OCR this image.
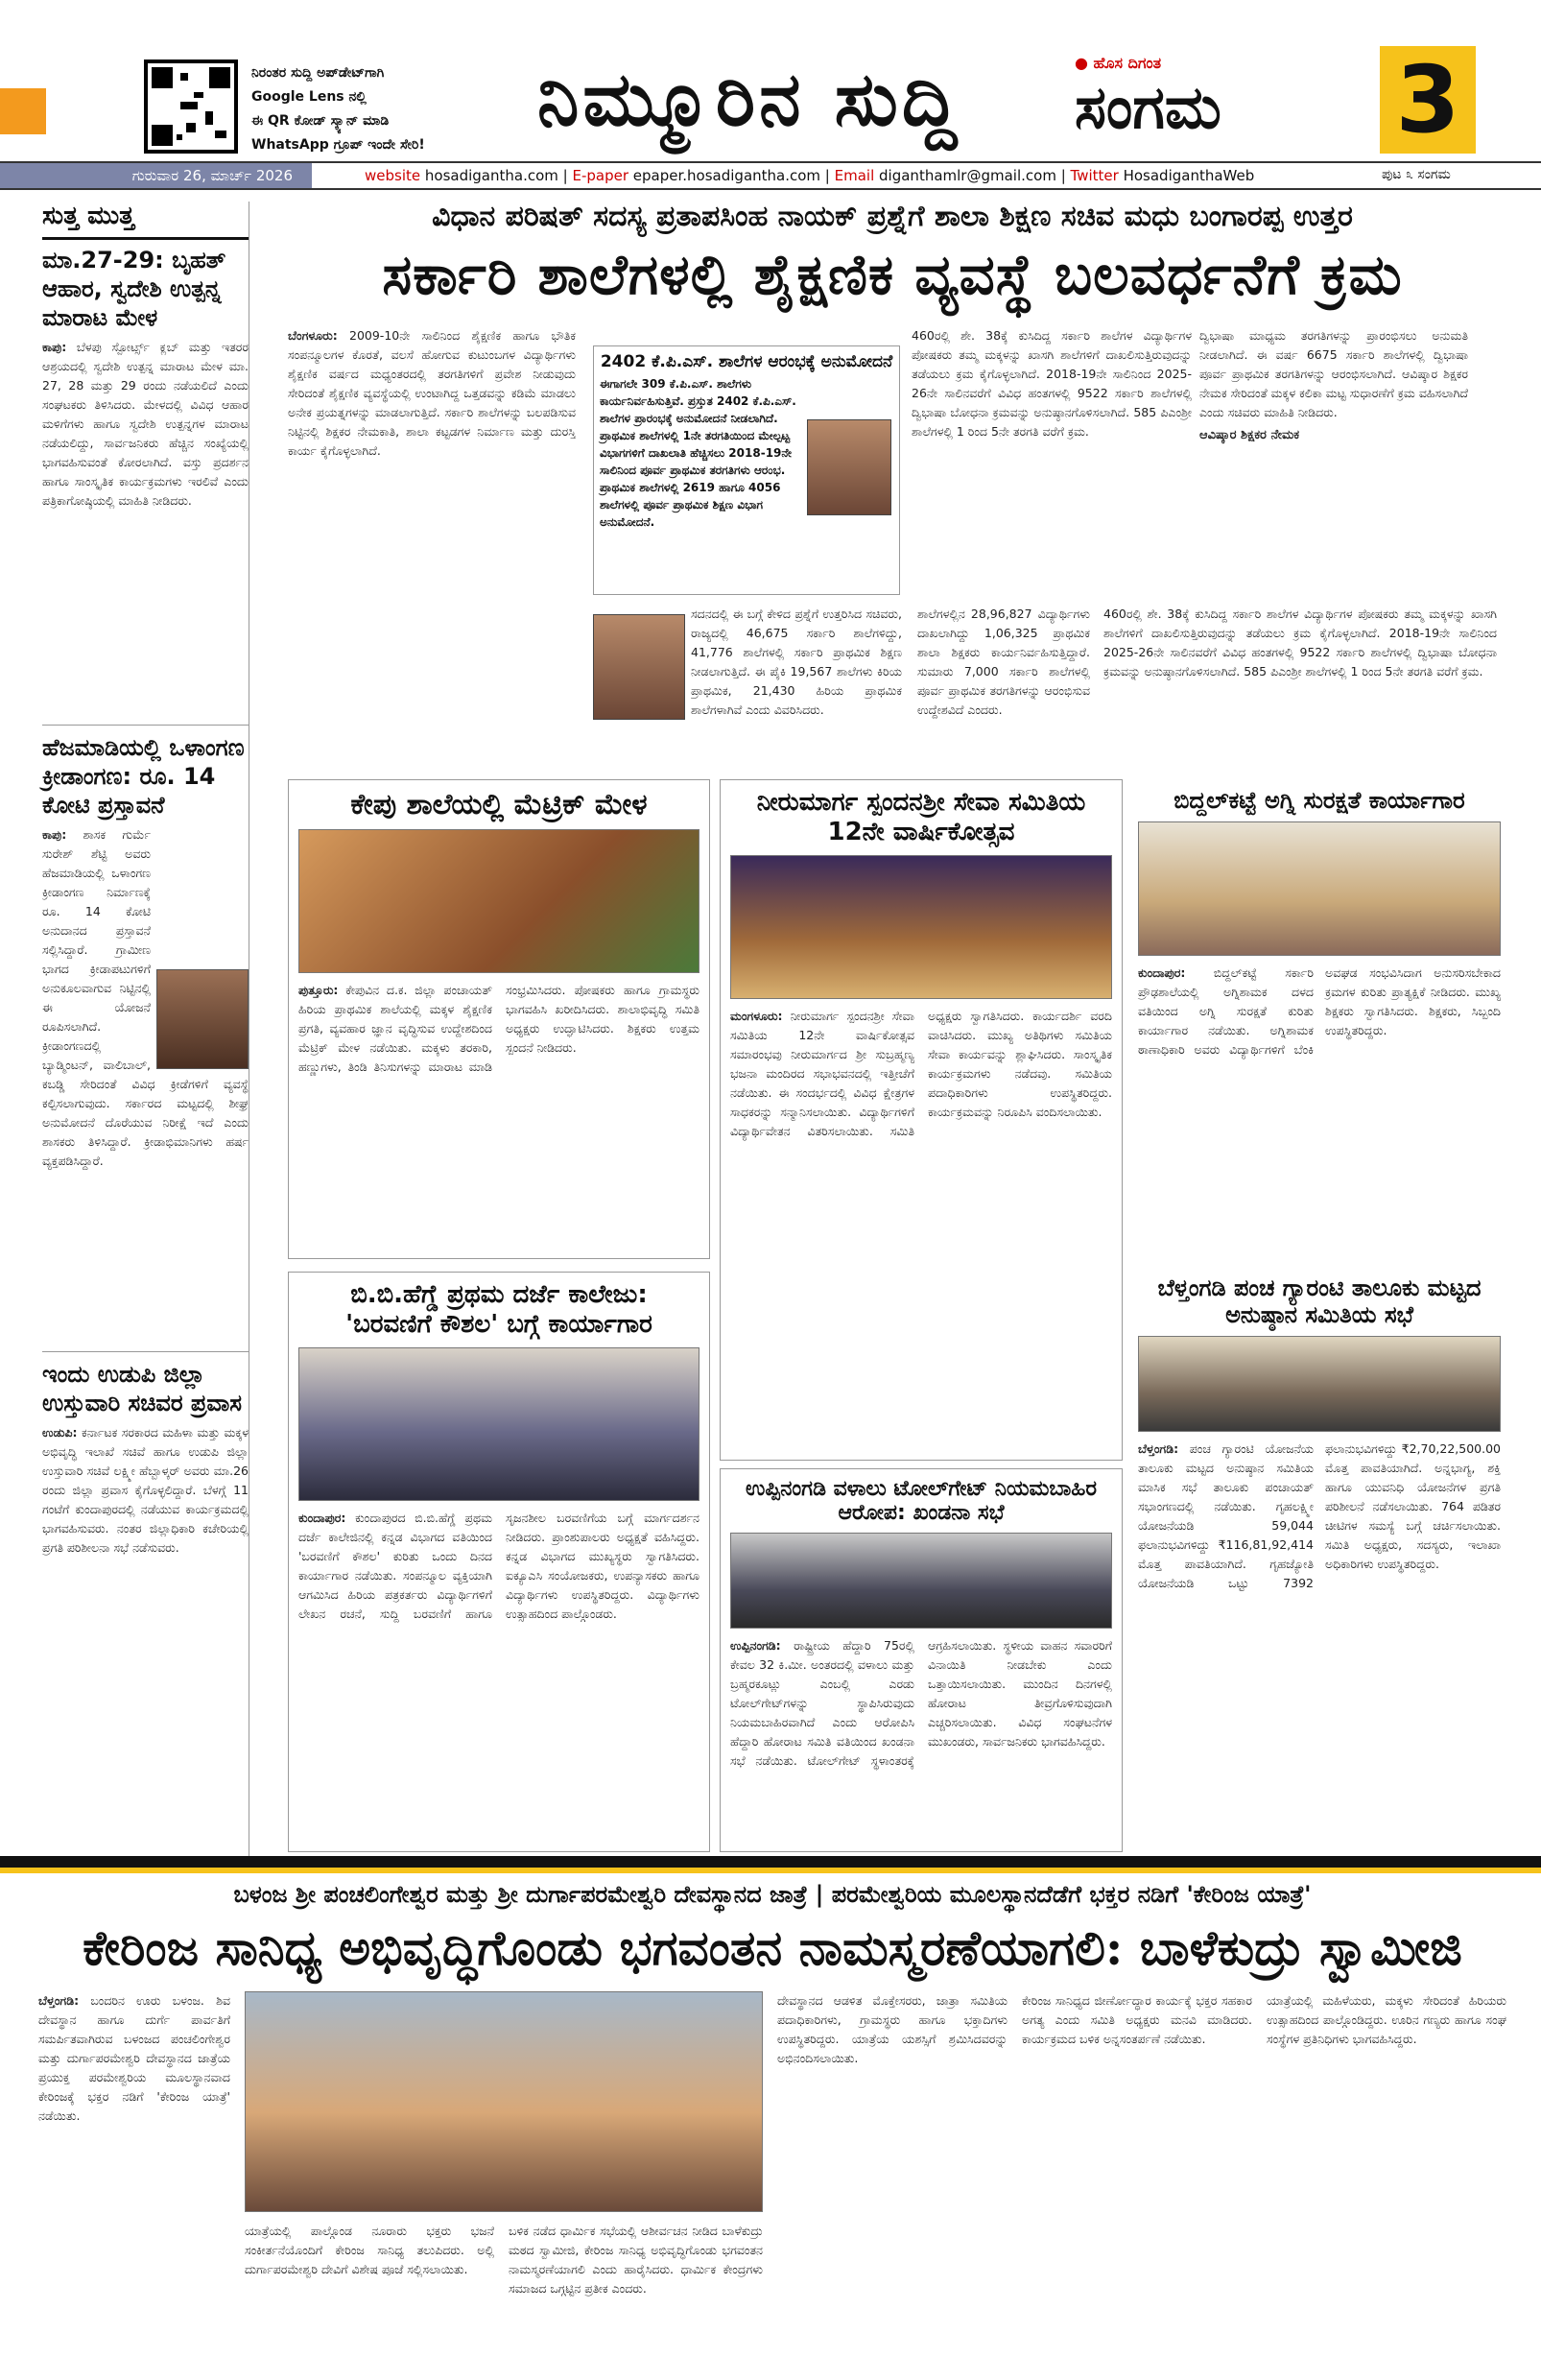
ನಿರಂತರ ಸುದ್ದಿ ಅಪ್‌ಡೇಟ್‌ಗಾಗಿ
Google Lens ನಲ್ಲಿ
ಈ QR ಕೋಡ್ ಸ್ಕ್ಯಾನ್ ಮಾಡಿ
WhatsApp ಗ್ರೂಪ್ ಇಂದೇ ಸೇರಿ!
ನಿಮ್ಮೂರಿನ ಸುದ್ದಿ	● ಹೊಸ ದಿಗಂತ
ಸಂಗಮ 3
ಗುರುವಾರ 26, ಮಾರ್ಚ್ 2026	website hosadigantha.com | E-paper epaper.hosadigantha.com | Email diganthamlr@gmail.com | Twitter HosadiganthaWeb	ಪುಟ ೩ ಸಂಗಮ
ಸುತ್ತ ಮುತ್ತ
ಮಾ.27-29: ಬೃಹತ್ ಆಹಾರ, ಸ್ವದೇಶಿ ಉತ್ಪನ್ನ ಮಾರಾಟ ಮೇಳ
ಕಾಪು: ಬೆಳಪು ಸ್ಪೋರ್ಟ್ಸ್ ಕ್ಲಬ್ ಮತ್ತು ಇತರರ ಆಶ್ರಯದಲ್ಲಿ ಸ್ವದೇಶಿ ಉತ್ಪನ್ನ ಮಾರಾಟ ಮೇಳ ಮಾ. 27, 28 ಮತ್ತು 29 ರಂದು ನಡೆಯಲಿದೆ ಎಂದು ಸಂಘಟಕರು ತಿಳಿಸಿದರು. ಮೇಳದಲ್ಲಿ ವಿವಿಧ ಆಹಾರ ಮಳಿಗೆಗಳು ಹಾಗೂ ಸ್ವದೇಶಿ ಉತ್ಪನ್ನಗಳ ಮಾರಾಟ ನಡೆಯಲಿದ್ದು, ಸಾರ್ವಜನಿಕರು ಹೆಚ್ಚಿನ ಸಂಖ್ಯೆಯಲ್ಲಿ ಭಾಗವಹಿಸುವಂತೆ ಕೋರಲಾಗಿದೆ. ವಸ್ತು ಪ್ರದರ್ಶನ ಹಾಗೂ ಸಾಂಸ್ಕೃತಿಕ ಕಾರ್ಯಕ್ರಮಗಳು ಇರಲಿವೆ ಎಂದು ಪತ್ರಿಕಾಗೋಷ್ಠಿಯಲ್ಲಿ ಮಾಹಿತಿ ನೀಡಿದರು.
ಹೆಜಮಾಡಿಯಲ್ಲಿ ಒಳಾಂಗಣ ಕ್ರೀಡಾಂಗಣ: ರೂ. 14 ಕೋಟಿ ಪ್ರಸ್ತಾವನೆ
ಕಾಪು: ಶಾಸಕ ಗುರ್ಮೆ ಸುರೇಶ್ ಶೆಟ್ಟಿ ಅವರು ಹೆಜಮಾಡಿಯಲ್ಲಿ ಒಳಾಂಗಣ ಕ್ರೀಡಾಂಗಣ ನಿರ್ಮಾಣಕ್ಕೆ ರೂ. 14 ಕೋಟಿ ಅನುದಾನದ ಪ್ರಸ್ತಾವನೆ ಸಲ್ಲಿಸಿದ್ದಾರೆ. ಗ್ರಾಮೀಣ ಭಾಗದ ಕ್ರೀಡಾಪಟುಗಳಿಗೆ ಅನುಕೂಲವಾಗುವ ನಿಟ್ಟಿನಲ್ಲಿ ಈ ಯೋಜನೆ ರೂಪಿಸಲಾಗಿದೆ. ಕ್ರೀಡಾಂಗಣದಲ್ಲಿ ಬ್ಯಾಡ್ಮಿಂಟನ್, ವಾಲಿಬಾಲ್, ಕಬಡ್ಡಿ ಸೇರಿದಂತೆ ವಿವಿಧ ಕ್ರೀಡೆಗಳಿಗೆ ವ್ಯವಸ್ಥೆ ಕಲ್ಪಿಸಲಾಗುವುದು. ಸರ್ಕಾರದ ಮಟ್ಟದಲ್ಲಿ ಶೀಘ್ರ ಅನುಮೋದನೆ ದೊರೆಯುವ ನಿರೀಕ್ಷೆ ಇದೆ ಎಂದು ಶಾಸಕರು ತಿಳಿಸಿದ್ದಾರೆ. ಕ್ರೀಡಾಭಿಮಾನಿಗಳು ಹರ್ಷ ವ್ಯಕ್ತಪಡಿಸಿದ್ದಾರೆ.
ಇಂದು ಉಡುಪಿ ಜಿಲ್ಲಾ ಉಸ್ತುವಾರಿ ಸಚಿವರ ಪ್ರವಾಸ
ಉಡುಪಿ: ಕರ್ನಾಟಕ ಸರಕಾರದ ಮಹಿಳಾ ಮತ್ತು ಮಕ್ಕಳ ಅಭಿವೃದ್ಧಿ ಇಲಾಖೆ ಸಚಿವೆ ಹಾಗೂ ಉಡುಪಿ ಜಿಲ್ಲಾ ಉಸ್ತುವಾರಿ ಸಚಿವೆ ಲಕ್ಷ್ಮೀ ಹೆಬ್ಬಾಳ್ಕರ್ ಅವರು ಮಾ.26 ರಂದು ಜಿಲ್ಲಾ ಪ್ರವಾಸ ಕೈಗೊಳ್ಳಲಿದ್ದಾರೆ. ಬೆಳಗ್ಗೆ 11 ಗಂಟೆಗೆ ಕುಂದಾಪುರದಲ್ಲಿ ನಡೆಯುವ ಕಾರ್ಯಕ್ರಮದಲ್ಲಿ ಭಾಗವಹಿಸುವರು. ನಂತರ ಜಿಲ್ಲಾಧಿಕಾರಿ ಕಚೇರಿಯಲ್ಲಿ ಪ್ರಗತಿ ಪರಿಶೀಲನಾ ಸಭೆ ನಡೆಸುವರು.
ವಿಧಾನ ಪರಿಷತ್ ಸದಸ್ಯ ಪ್ರತಾಪಸಿಂಹ ನಾಯಕ್ ಪ್ರಶ್ನೆಗೆ ಶಾಲಾ ಶಿಕ್ಷಣ ಸಚಿವ ಮಧು ಬಂಗಾರಪ್ಪ ಉತ್ತರ
ಸರ್ಕಾರಿ ಶಾಲೆಗಳಲ್ಲಿ ಶೈಕ್ಷಣಿಕ ವ್ಯವಸ್ಥೆ ಬಲವರ್ಧನೆಗೆ ಕ್ರಮ
ಬೆಂಗಳೂರು: 2009-10ನೇ ಸಾಲಿನಿಂದ ಶೈಕ್ಷಣಿಕ ಹಾಗೂ ಭೌತಿಕ ಸಂಪನ್ಮೂಲಗಳ ಕೊರತೆ, ವಲಸೆ ಹೋಗುವ ಕುಟುಂಬಗಳ ವಿದ್ಯಾರ್ಥಿಗಳು ಶೈಕ್ಷಣಿಕ ವರ್ಷದ ಮಧ್ಯಂತರದಲ್ಲಿ ತರಗತಿಗಳಿಗೆ ಪ್ರವೇಶ ನೀಡುವುದು ಸೇರಿದಂತೆ ಶೈಕ್ಷಣಿಕ ವ್ಯವಸ್ಥೆಯಲ್ಲಿ ಉಂಟಾಗಿದ್ದ ಒತ್ತಡವನ್ನು ಕಡಿಮೆ ಮಾಡಲು ಅನೇಕ ಪ್ರಯತ್ನಗಳನ್ನು ಮಾಡಲಾಗುತ್ತಿದೆ. ಸರ್ಕಾರಿ ಶಾಲೆಗಳನ್ನು ಬಲಪಡಿಸುವ ನಿಟ್ಟಿನಲ್ಲಿ ಶಿಕ್ಷಕರ ನೇಮಕಾತಿ, ಶಾಲಾ ಕಟ್ಟಡಗಳ ನಿರ್ಮಾಣ ಮತ್ತು ದುರಸ್ತಿ ಕಾರ್ಯ ಕೈಗೊಳ್ಳಲಾಗಿದೆ.
2402 ಕೆ.ಪಿ.ಎಸ್. ಶಾಲೆಗಳ ಆರಂಭಕ್ಕೆ ಅನುಮೋದನೆ
ಈಗಾಗಲೇ 309 ಕೆ.ಪಿ.ಎಸ್. ಶಾಲೆಗಳು ಕಾರ್ಯನಿರ್ವಹಿಸುತ್ತಿವೆ. ಪ್ರಸ್ತುತ 2402 ಕೆ.ಪಿ.ಎಸ್. ಶಾಲೆಗಳ ಪ್ರಾರಂಭಕ್ಕೆ ಅನುಮೋದನೆ ನೀಡಲಾಗಿದೆ. ಪ್ರಾಥಮಿಕ ಶಾಲೆಗಳಲ್ಲಿ 1ನೇ ತರಗತಿಯಿಂದ ಮೇಲ್ಪಟ್ಟ ವಿಭಾಗಗಳಿಗೆ ದಾಖಲಾತಿ ಹೆಚ್ಚಿಸಲು 2018-19ನೇ ಸಾಲಿನಿಂದ ಪೂರ್ವ ಪ್ರಾಥಮಿಕ ತರಗತಿಗಳು ಆರಂಭ. ಪ್ರಾಥಮಿಕ ಶಾಲೆಗಳಲ್ಲಿ 2619 ಹಾಗೂ 4056 ಶಾಲೆಗಳಲ್ಲಿ ಪೂರ್ವ ಪ್ರಾಥಮಿಕ ಶಿಕ್ಷಣ ವಿಭಾಗ ಅನುಮೋದನೆ.
ಸದನದಲ್ಲಿ ಈ ಬಗ್ಗೆ ಕೇಳಿದ ಪ್ರಶ್ನೆಗೆ ಉತ್ತರಿಸಿದ ಸಚಿವರು, ರಾಜ್ಯದಲ್ಲಿ 46,675 ಸರ್ಕಾರಿ ಶಾಲೆಗಳಿದ್ದು, 41,776 ಶಾಲೆಗಳಲ್ಲಿ ಸರ್ಕಾರಿ ಪ್ರಾಥಮಿಕ ಶಿಕ್ಷಣ ನೀಡಲಾಗುತ್ತಿದೆ. ಈ ಪೈಕಿ 19,567 ಶಾಲೆಗಳು ಕಿರಿಯ ಪ್ರಾಥಮಿಕ, 21,430 ಹಿರಿಯ ಪ್ರಾಥಮಿಕ ಶಾಲೆಗಳಾಗಿವೆ ಎಂದು ವಿವರಿಸಿದರು.
ಶಾಲೆಗಳಲ್ಲಿನ 28,96,827 ವಿದ್ಯಾರ್ಥಿಗಳು ದಾಖಲಾಗಿದ್ದು 1,06,325 ಪ್ರಾಥಮಿಕ ಶಾಲಾ ಶಿಕ್ಷಕರು ಕಾರ್ಯನಿರ್ವಹಿಸುತ್ತಿದ್ದಾರೆ. ಸುಮಾರು 7,000 ಸರ್ಕಾರಿ ಶಾಲೆಗಳಲ್ಲಿ ಪೂರ್ವ ಪ್ರಾಥಮಿಕ ತರಗತಿಗಳನ್ನು ಆರಂಭಿಸುವ ಉದ್ದೇಶವಿದೆ ಎಂದರು.
ದ್ವಿಭಾಷಾ ಮಾಧ್ಯಮ ತರಗತಿಗಳನ್ನು ಪ್ರಾರಂಭಿಸಲು ಅನುಮತಿ ನೀಡಲಾಗಿದೆ. ಈ ವರ್ಷ 6675 ಸರ್ಕಾರಿ ಶಾಲೆಗಳಲ್ಲಿ ದ್ವಿಭಾಷಾ ಪೂರ್ವ ಪ್ರಾಥಮಿಕ ತರಗತಿಗಳನ್ನು ಆರಂಭಿಸಲಾಗಿದೆ. ಆವಿಷ್ಕಾರ ಶಿಕ್ಷಕರ ನೇಮಕ ಸೇರಿದಂತೆ ಮಕ್ಕಳ ಕಲಿಕಾ ಮಟ್ಟ ಸುಧಾರಣೆಗೆ ಕ್ರಮ ವಹಿಸಲಾಗಿದೆ ಎಂದು ಸಚಿವರು ಮಾಹಿತಿ ನೀಡಿದರು.
ಆವಿಷ್ಕಾರ ಶಿಕ್ಷಕರ ನೇಮಕ
460ರಲ್ಲಿ ಶೇ. 38ಕ್ಕೆ ಕುಸಿದಿದ್ದ ಸರ್ಕಾರಿ ಶಾಲೆಗಳ ವಿದ್ಯಾರ್ಥಿಗಳ ಪೋಷಕರು ತಮ್ಮ ಮಕ್ಕಳನ್ನು ಖಾಸಗಿ ಶಾಲೆಗಳಿಗೆ ದಾಖಲಿಸುತ್ತಿರುವುದನ್ನು ತಡೆಯಲು ಕ್ರಮ ಕೈಗೊಳ್ಳಲಾಗಿದೆ. 2018-19ನೇ ಸಾಲಿನಿಂದ 2025-26ನೇ ಸಾಲಿನವರೆಗೆ ವಿವಿಧ ಹಂತಗಳಲ್ಲಿ 9522 ಸರ್ಕಾರಿ ಶಾಲೆಗಳಲ್ಲಿ ದ್ವಿಭಾಷಾ ಬೋಧನಾ ಕ್ರಮವನ್ನು ಅನುಷ್ಠಾನಗೊಳಿಸಲಾಗಿದೆ. 585 ಪಿಎಂಶ್ರೀ ಶಾಲೆಗಳಲ್ಲಿ 1 ರಿಂದ 5ನೇ ತರಗತಿ ವರೆಗೆ ಕ್ರಮ.
460ರಲ್ಲಿ ಶೇ. 38ಕ್ಕೆ ಕುಸಿದಿದ್ದ ಸರ್ಕಾರಿ ಶಾಲೆಗಳ ವಿದ್ಯಾರ್ಥಿಗಳ ಪೋಷಕರು ತಮ್ಮ ಮಕ್ಕಳನ್ನು ಖಾಸಗಿ ಶಾಲೆಗಳಿಗೆ ದಾಖಲಿಸುತ್ತಿರುವುದನ್ನು ತಡೆಯಲು ಕ್ರಮ ಕೈಗೊಳ್ಳಲಾಗಿದೆ. 2018-19ನೇ ಸಾಲಿನಿಂದ 2025-26ನೇ ಸಾಲಿನವರೆಗೆ ವಿವಿಧ ಹಂತಗಳಲ್ಲಿ 9522 ಸರ್ಕಾರಿ ಶಾಲೆಗಳಲ್ಲಿ ದ್ವಿಭಾಷಾ ಬೋಧನಾ ಕ್ರಮವನ್ನು ಅನುಷ್ಠಾನಗೊಳಿಸಲಾಗಿದೆ. 585 ಪಿಎಂಶ್ರೀ ಶಾಲೆಗಳಲ್ಲಿ 1 ರಿಂದ 5ನೇ ತರಗತಿ ವರೆಗೆ ಕ್ರಮ.
ಕೇಪು ಶಾಲೆಯಲ್ಲಿ ಮೆಟ್ರಿಕ್ ಮೇಳ
ಪುತ್ತೂರು: ಕೇಪುವಿನ ದ.ಕ. ಜಿಲ್ಲಾ ಪಂಚಾಯತ್ ಹಿರಿಯ ಪ್ರಾಥಮಿಕ ಶಾಲೆಯಲ್ಲಿ ಮಕ್ಕಳ ಶೈಕ್ಷಣಿಕ ಪ್ರಗತಿ, ವ್ಯವಹಾರ ಜ್ಞಾನ ವೃದ್ಧಿಸುವ ಉದ್ದೇಶದಿಂದ ಮೆಟ್ರಿಕ್ ಮೇಳ ನಡೆಯಿತು. ಮಕ್ಕಳು ತರಕಾರಿ, ಹಣ್ಣುಗಳು, ತಿಂಡಿ ತಿನಿಸುಗಳನ್ನು ಮಾರಾಟ ಮಾಡಿ ಸಂಭ್ರಮಿಸಿದರು. ಪೋಷಕರು ಹಾಗೂ ಗ್ರಾಮಸ್ಥರು ಭಾಗವಹಿಸಿ ಖರೀದಿಸಿದರು. ಶಾಲಾಭಿವೃದ್ಧಿ ಸಮಿತಿ ಅಧ್ಯಕ್ಷರು ಉದ್ಘಾಟಿಸಿದರು. ಶಿಕ್ಷಕರು ಉತ್ತಮ ಸ್ಪಂದನೆ ನೀಡಿದರು.
ನೀರುಮಾರ್ಗ ಸ್ಪಂದನಶ್ರೀ ಸೇವಾ ಸಮಿತಿಯ 12ನೇ ವಾರ್ಷಿಕೋತ್ಸವ
ಮಂಗಳೂರು: ನೀರುಮಾರ್ಗ ಸ್ಪಂದನಶ್ರೀ ಸೇವಾ ಸಮಿತಿಯ 12ನೇ ವಾರ್ಷಿಕೋತ್ಸವ ಸಮಾರಂಭವು ನೀರುಮಾರ್ಗದ ಶ್ರೀ ಸುಬ್ರಹ್ಮಣ್ಯ ಭಜನಾ ಮಂದಿರದ ಸಭಾಭವನದಲ್ಲಿ ಇತ್ತೀಚೆಗೆ ನಡೆಯಿತು. ಈ ಸಂದರ್ಭದಲ್ಲಿ ವಿವಿಧ ಕ್ಷೇತ್ರಗಳ ಸಾಧಕರನ್ನು ಸನ್ಮಾನಿಸಲಾಯಿತು. ವಿದ್ಯಾರ್ಥಿಗಳಿಗೆ ವಿದ್ಯಾರ್ಥಿವೇತನ ವಿತರಿಸಲಾಯಿತು. ಸಮಿತಿ ಅಧ್ಯಕ್ಷರು ಸ್ವಾಗತಿಸಿದರು. ಕಾರ್ಯದರ್ಶಿ ವರದಿ ವಾಚಿಸಿದರು. ಮುಖ್ಯ ಅತಿಥಿಗಳು ಸಮಿತಿಯ ಸೇವಾ ಕಾರ್ಯವನ್ನು ಶ್ಲಾಘಿಸಿದರು. ಸಾಂಸ್ಕೃತಿಕ ಕಾರ್ಯಕ್ರಮಗಳು ನಡೆದವು. ಸಮಿತಿಯ ಪದಾಧಿಕಾರಿಗಳು ಉಪಸ್ಥಿತರಿದ್ದರು. ಕಾರ್ಯಕ್ರಮವನ್ನು ನಿರೂಪಿಸಿ ವಂದಿಸಲಾಯಿತು.
ಬಿದ್ದಲ್‌ಕಟ್ಟೆ ಅಗ್ನಿ ಸುರಕ್ಷತೆ ಕಾರ್ಯಾಗಾರ
ಕುಂದಾಪುರ: ಬಿದ್ದಲ್‌ಕಟ್ಟೆ ಸರ್ಕಾರಿ ಪ್ರೌಢಶಾಲೆಯಲ್ಲಿ ಅಗ್ನಿಶಾಮಕ ದಳದ ವತಿಯಿಂದ ಅಗ್ನಿ ಸುರಕ್ಷತೆ ಕುರಿತು ಕಾರ್ಯಾಗಾರ ನಡೆಯಿತು. ಅಗ್ನಿಶಾಮಕ ಠಾಣಾಧಿಕಾರಿ ಅವರು ವಿದ್ಯಾರ್ಥಿಗಳಿಗೆ ಬೆಂಕಿ ಅವಘಡ ಸಂಭವಿಸಿದಾಗ ಅನುಸರಿಸಬೇಕಾದ ಕ್ರಮಗಳ ಕುರಿತು ಪ್ರಾತ್ಯಕ್ಷಿಕೆ ನೀಡಿದರು. ಮುಖ್ಯ ಶಿಕ್ಷಕರು ಸ್ವಾಗತಿಸಿದರು. ಶಿಕ್ಷಕರು, ಸಿಬ್ಬಂದಿ ಉಪಸ್ಥಿತರಿದ್ದರು.
ಬಿ.ಬಿ.ಹೆಗ್ಡೆ ಪ್ರಥಮ ದರ್ಜೆ ಕಾಲೇಜು:
'ಬರವಣಿಗೆ ಕೌಶಲ' ಬಗ್ಗೆ ಕಾರ್ಯಾಗಾರ
ಕುಂದಾಪುರ: ಕುಂದಾಪುರದ ಬಿ.ಬಿ.ಹೆಗ್ಡೆ ಪ್ರಥಮ ದರ್ಜೆ ಕಾಲೇಜಿನಲ್ಲಿ ಕನ್ನಡ ವಿಭಾಗದ ವತಿಯಿಂದ 'ಬರವಣಿಗೆ ಕೌಶಲ' ಕುರಿತು ಒಂದು ದಿನದ ಕಾರ್ಯಾಗಾರ ನಡೆಯಿತು. ಸಂಪನ್ಮೂಲ ವ್ಯಕ್ತಿಯಾಗಿ ಆಗಮಿಸಿದ ಹಿರಿಯ ಪತ್ರಕರ್ತರು ವಿದ್ಯಾರ್ಥಿಗಳಿಗೆ ಲೇಖನ ರಚನೆ, ಸುದ್ದಿ ಬರವಣಿಗೆ ಹಾಗೂ ಸೃಜನಶೀಲ ಬರವಣಿಗೆಯ ಬಗ್ಗೆ ಮಾರ್ಗದರ್ಶನ ನೀಡಿದರು. ಪ್ರಾಂಶುಪಾಲರು ಅಧ್ಯಕ್ಷತೆ ವಹಿಸಿದ್ದರು. ಕನ್ನಡ ವಿಭಾಗದ ಮುಖ್ಯಸ್ಥರು ಸ್ವಾಗತಿಸಿದರು. ಐಕ್ಯೂಎಸಿ ಸಂಯೋಜಕರು, ಉಪನ್ಯಾಸಕರು ಹಾಗೂ ವಿದ್ಯಾರ್ಥಿಗಳು ಉಪಸ್ಥಿತರಿದ್ದರು. ವಿದ್ಯಾರ್ಥಿಗಳು ಉತ್ಸಾಹದಿಂದ ಪಾಲ್ಗೊಂಡರು.
ಉಪ್ಪಿನಂಗಡಿ ವಳಾಲು ಟೋಲ್‌ಗೇಟ್ ನಿಯಮಬಾಹಿರ ಆರೋಪ: ಖಂಡನಾ ಸಭೆ
ಉಪ್ಪಿನಂಗಡಿ: ರಾಷ್ಟ್ರೀಯ ಹೆದ್ದಾರಿ 75ರಲ್ಲಿ ಕೇವಲ 32 ಕಿ.ಮೀ. ಅಂತರದಲ್ಲಿ ವಳಾಲು ಮತ್ತು ಬ್ರಹ್ಮರಕೂಟ್ಲು ಎಂಬಲ್ಲಿ ಎರಡು ಟೋಲ್‌ಗೇಟ್‌ಗಳನ್ನು ಸ್ಥಾಪಿಸಿರುವುದು ನಿಯಮಬಾಹಿರವಾಗಿದೆ ಎಂದು ಆರೋಪಿಸಿ ಹೆದ್ದಾರಿ ಹೋರಾಟ ಸಮಿತಿ ವತಿಯಿಂದ ಖಂಡನಾ ಸಭೆ ನಡೆಯಿತು. ಟೋಲ್‌ಗೇಟ್ ಸ್ಥಳಾಂತರಕ್ಕೆ ಆಗ್ರಹಿಸಲಾಯಿತು. ಸ್ಥಳೀಯ ವಾಹನ ಸವಾರರಿಗೆ ವಿನಾಯಿತಿ ನೀಡಬೇಕು ಎಂದು ಒತ್ತಾಯಿಸಲಾಯಿತು. ಮುಂದಿನ ದಿನಗಳಲ್ಲಿ ಹೋರಾಟ ತೀವ್ರಗೊಳಿಸುವುದಾಗಿ ಎಚ್ಚರಿಸಲಾಯಿತು. ವಿವಿಧ ಸಂಘಟನೆಗಳ ಮುಖಂಡರು, ಸಾರ್ವಜನಿಕರು ಭಾಗವಹಿಸಿದ್ದರು.
ಬೆಳ್ತಂಗಡಿ ಪಂಚ ಗ್ಯಾರಂಟಿ ತಾಲೂಕು ಮಟ್ಟದ ಅನುಷ್ಠಾನ ಸಮಿತಿಯ ಸಭೆ
ಬೆಳ್ತಂಗಡಿ: ಪಂಚ ಗ್ಯಾರಂಟಿ ಯೋಜನೆಯ ತಾಲೂಕು ಮಟ್ಟದ ಅನುಷ್ಠಾನ ಸಮಿತಿಯ ಮಾಸಿಕ ಸಭೆ ತಾಲೂಕು ಪಂಚಾಯತ್ ಸಭಾಂಗಣದಲ್ಲಿ ನಡೆಯಿತು. ಗೃಹಲಕ್ಷ್ಮೀ ಯೋಜನೆಯಡಿ 59,044 ಫಲಾನುಭವಿಗಳಿದ್ದು ₹116,81,92,414 ಮೊತ್ತ ಪಾವತಿಯಾಗಿದೆ. ಗೃಹಜ್ಯೋತಿ ಯೋಜನೆಯಡಿ ಒಟ್ಟು 7392 ಫಲಾನುಭವಿಗಳಿದ್ದು ₹2,70,22,500.00 ಮೊತ್ತ ಪಾವತಿಯಾಗಿದೆ. ಅನ್ನಭಾಗ್ಯ, ಶಕ್ತಿ ಹಾಗೂ ಯುವನಿಧಿ ಯೋಜನೆಗಳ ಪ್ರಗತಿ ಪರಿಶೀಲನೆ ನಡೆಸಲಾಯಿತು. 764 ಪಡಿತರ ಚೀಟಿಗಳ ಸಮಸ್ಯೆ ಬಗ್ಗೆ ಚರ್ಚಿಸಲಾಯಿತು. ಸಮಿತಿ ಅಧ್ಯಕ್ಷರು, ಸದಸ್ಯರು, ಇಲಾಖಾ ಅಧಿಕಾರಿಗಳು ಉಪಸ್ಥಿತರಿದ್ದರು.
ಬಳಂಜ ಶ್ರೀ ಪಂಚಲಿಂಗೇಶ್ವರ ಮತ್ತು ಶ್ರೀ ದುರ್ಗಾಪರಮೇಶ್ವರಿ ದೇವಸ್ಥಾನದ ಜಾತ್ರೆ | ಪರಮೇಶ್ವರಿಯ ಮೂಲಸ್ಥಾನದೆಡೆಗೆ ಭಕ್ತರ ನಡಿಗೆ 'ಕೇರಿಂಜ ಯಾತ್ರೆ'
ಕೇರಿಂಜ ಸಾನಿಧ್ಯ ಅಭಿವೃದ್ಧಿಗೊಂಡು ಭಗವಂತನ ನಾಮಸ್ಮರಣೆಯಾಗಲಿ: ಬಾಳೆಕುದ್ರು ಸ್ವಾಮೀಜಿ
ಬೆಳ್ತಂಗಡಿ: ಬಂದರಿನ ಊರು ಬಳಂಜ. ಶಿವ ದೇವಸ್ಥಾನ ಹಾಗೂ ದುರ್ಗೆ ಪಾರ್ವತಿಗೆ ಸಮರ್ಪಿತವಾಗಿರುವ ಬಳಂಜದ ಪಂಚಲಿಂಗೇಶ್ವರ ಮತ್ತು ದುರ್ಗಾಪರಮೇಶ್ವರಿ ದೇವಸ್ಥಾನದ ಜಾತ್ರೆಯ ಪ್ರಯುಕ್ತ ಪರಮೇಶ್ವರಿಯ ಮೂಲಸ್ಥಾನವಾದ ಕೇರಿಂಜಕ್ಕೆ ಭಕ್ತರ ನಡಿಗೆ 'ಕೇರಿಂಜ ಯಾತ್ರೆ' ನಡೆಯಿತು.
ಯಾತ್ರೆಯಲ್ಲಿ ಪಾಲ್ಗೊಂಡ ನೂರಾರು ಭಕ್ತರು ಭಜನೆ ಸಂಕೀರ್ತನೆಯೊಂದಿಗೆ ಕೇರಿಂಜ ಸಾನಿಧ್ಯ ತಲುಪಿದರು. ಅಲ್ಲಿ ದುರ್ಗಾಪರಮೇಶ್ವರಿ ದೇವಿಗೆ ವಿಶೇಷ ಪೂಜೆ ಸಲ್ಲಿಸಲಾಯಿತು.
ಬಳಿಕ ನಡೆದ ಧಾರ್ಮಿಕ ಸಭೆಯಲ್ಲಿ ಆಶೀರ್ವಚನ ನೀಡಿದ ಬಾಳೆಕುದ್ರು ಮಠದ ಸ್ವಾಮೀಜಿ, ಕೇರಿಂಜ ಸಾನಿಧ್ಯ ಅಭಿವೃದ್ಧಿಗೊಂಡು ಭಗವಂತನ ನಾಮಸ್ಮರಣೆಯಾಗಲಿ ಎಂದು ಹಾರೈಸಿದರು. ಧಾರ್ಮಿಕ ಕೇಂದ್ರಗಳು ಸಮಾಜದ ಒಗ್ಗಟ್ಟಿನ ಪ್ರತೀಕ ಎಂದರು.
ದೇವಸ್ಥಾನದ ಆಡಳಿತ ಮೊಕ್ತೇಸರರು, ಜಾತ್ರಾ ಸಮಿತಿಯ ಪದಾಧಿಕಾರಿಗಳು, ಗ್ರಾಮಸ್ಥರು ಹಾಗೂ ಭಕ್ತಾದಿಗಳು ಉಪಸ್ಥಿತರಿದ್ದರು. ಯಾತ್ರೆಯ ಯಶಸ್ಸಿಗೆ ಶ್ರಮಿಸಿದವರನ್ನು ಅಭಿನಂದಿಸಲಾಯಿತು.
ಕೇರಿಂಜ ಸಾನಿಧ್ಯದ ಜೀರ್ಣೋದ್ಧಾರ ಕಾರ್ಯಕ್ಕೆ ಭಕ್ತರ ಸಹಕಾರ ಅಗತ್ಯ ಎಂದು ಸಮಿತಿ ಅಧ್ಯಕ್ಷರು ಮನವಿ ಮಾಡಿದರು. ಕಾರ್ಯಕ್ರಮದ ಬಳಿಕ ಅನ್ನಸಂತರ್ಪಣೆ ನಡೆಯಿತು.
ಯಾತ್ರೆಯಲ್ಲಿ ಮಹಿಳೆಯರು, ಮಕ್ಕಳು ಸೇರಿದಂತೆ ಹಿರಿಯರು ಉತ್ಸಾಹದಿಂದ ಪಾಲ್ಗೊಂಡಿದ್ದರು. ಊರಿನ ಗಣ್ಯರು ಹಾಗೂ ಸಂಘ ಸಂಸ್ಥೆಗಳ ಪ್ರತಿನಿಧಿಗಳು ಭಾಗವಹಿಸಿದ್ದರು.
